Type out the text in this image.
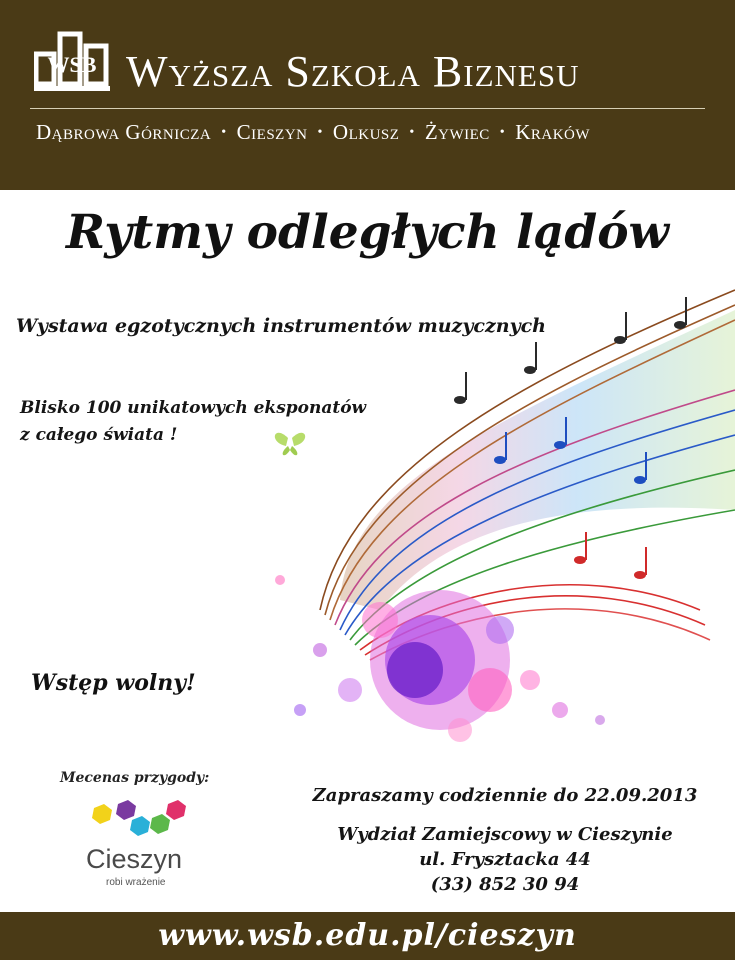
WSB Wyższa Szkoła Biznesu
Dąbrowa Górnicza • Cieszyn • Olkusz • Żywiec • Kraków
Rytmy odległych lądów
Wystawa egzotycznych instrumentów muzycznych
Blisko 100 unikatowych eksponatów
z całego świata !
Wstęp wolny!
Mecenas przygody:
Cieszyn
robi wrażenie
Zapraszamy codziennie do 22.09.2013
Wydział Zamiejscowy w Cieszynie
ul. Frysztacka 44
(33) 852 30 94
www.wsb.edu.pl/cieszyn
